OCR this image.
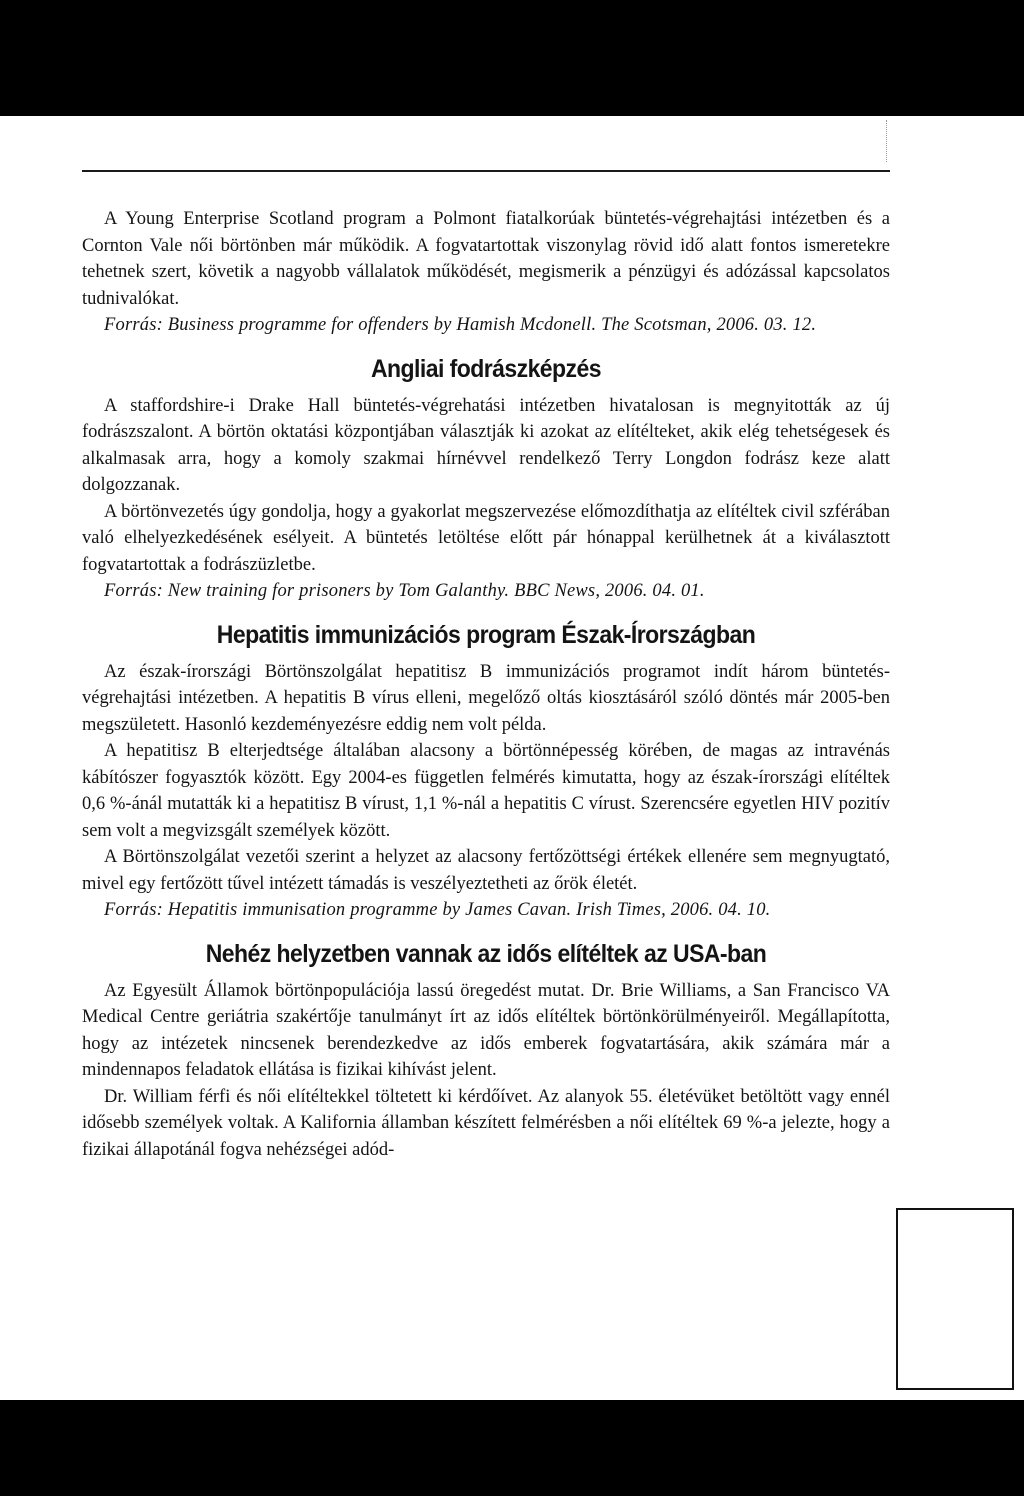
A Young Enterprise Scotland program a Polmont fiatalkorúak büntetés-végrehajtási intézetben és a Cornton Vale női börtönben már működik. A fogvatartottak viszonylag rövid idő alatt fontos ismeretekre tehetnek szert, követik a nagyobb vállalatok működését, megismerik a pénzügyi és adózással kapcsolatos tudnivalókat.

Forrás: Business programme for offenders by Hamish Mcdonell. The Scotsman, 2006. 03. 12.

Angliai fodrászképzés

A staffordshire-i Drake Hall büntetés-végrehatási intézetben hivatalosan is megnyitották az új fodrászszalont. A börtön oktatási központjában választják ki azokat az elítélteket, akik elég tehetségesek és alkalmasak arra, hogy a komoly szakmai hírnévvel rendelkező Terry Longdon fodrász keze alatt dolgozzanak.

A börtönvezetés úgy gondolja, hogy a gyakorlat megszervezése előmozdíthatja az elítéltek civil szférában való elhelyezkedésének esélyeit. A büntetés letöltése előtt pár hónappal kerülhetnek át a kiválasztott fogvatartottak a fodrászüzletbe.

Forrás: New training for prisoners by Tom Galanthy. BBC News, 2006. 04. 01.

Hepatitis immunizációs program Észak-Írországban

Az észak-írországi Börtönszolgálat hepatitisz B immunizációs programot indít három büntetés-végrehajtási intézetben. A hepatitis B vírus elleni, megelőző oltás kiosztásáról szóló döntés már 2005-ben megszületett. Hasonló kezdeményezésre eddig nem volt példa.

A hepatitisz B elterjedtsége általában alacsony a börtönnépesség körében, de magas az intravénás kábítószer fogyasztók között. Egy 2004-es független felmérés kimutatta, hogy az észak-írországi elítéltek 0,6 %-ánál mutatták ki a hepatitisz B vírust, 1,1 %-nál a hepatitis C vírust. Szerencsére egyetlen HIV pozitív sem volt a megvizsgált személyek között.

A Börtönszolgálat vezetői szerint a helyzet az alacsony fertőzöttségi értékek ellenére sem megnyugtató, mivel egy fertőzött tűvel intézett támadás is veszélyeztetheti az őrök életét.

Forrás: Hepatitis immunisation programme by James Cavan. Irish Times, 2006. 04. 10.

Nehéz helyzetben vannak az idős elítéltek az USA-ban

Az Egyesült Államok börtönpopulációja lassú öregedést mutat. Dr. Brie Williams, a San Francisco VA Medical Centre geriátria szakértője tanulmányt írt az idős elítéltek börtönkörülményeiről. Megállapította, hogy az intézetek nincsenek berendezkedve az idős emberek fogvatartására, akik számára már a mindennapos feladatok ellátása is fizikai kihívást jelent.

Dr. William férfi és női elítéltekkel töltetett ki kérdőívet. Az alanyok 55. életévüket betöltött vagy ennél idősebb személyek voltak. A Kalifornia államban készített felmérésben a női elítéltek 69 %-a jelezte, hogy a fizikai állapotánál fogva nehézségei adód-
